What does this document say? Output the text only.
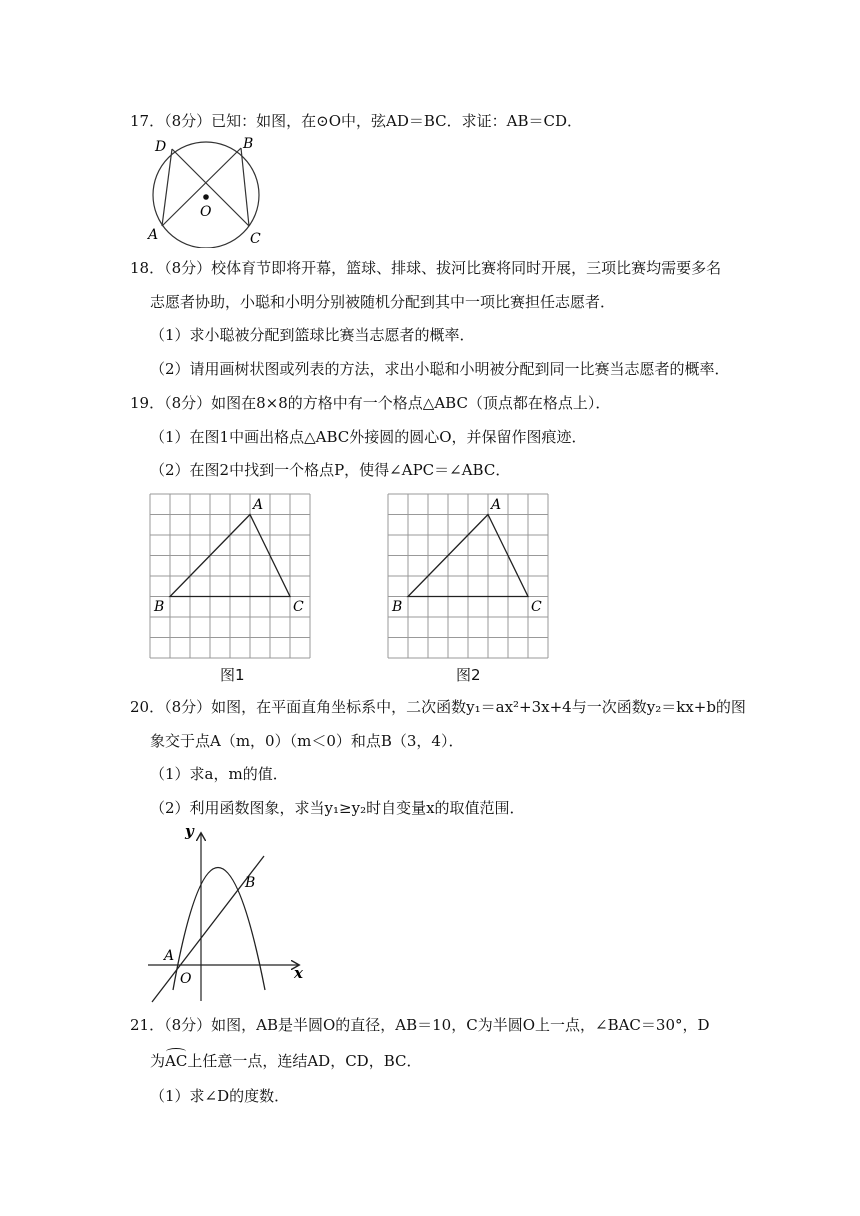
17．（8分）已知：如图，在⊙O中，弦AD＝BC．求证：AB＝CD．
D	B
O
A	C
18．（8分）校体育节即将开幕，篮球、排球、拔河比赛将同时开展，三项比赛均需要多名
志愿者协助，小聪和小明分别被随机分配到其中一项比赛担任志愿者．
（1）求小聪被分配到篮球比赛当志愿者的概率．
（2）请用画树状图或列表的方法，求出小聪和小明被分配到同一比赛当志愿者的概率．
19．（8分）如图在8×8的方格中有一个格点△ABC（顶点都在格点上）．
（1）在图1中画出格点△ABC外接圆的圆心O，并保留作图痕迹．
（2）在图2中找到一个格点P，使得∠APC＝∠ABC．
A
B	C
图1
A
B	C
图2
20．（8分）如图，在平面直角坐标系中，二次函数y₁＝ax²+3x+4与一次函数y₂＝kx+b的图
象交于点A（m，0）（m＜0）和点B（3，4）．
（1）求a，m的值．
（2）利用函数图象，求当y₁≥y₂时自变量x的取值范围．
y
x
A
B
O
21．（8分）如图，AB是半圆O的直径，AB＝10，C为半圆O上一点，∠BAC＝30°，D
为AC上任意一点，连结AD，CD，BC．
（1）求∠D的度数．
